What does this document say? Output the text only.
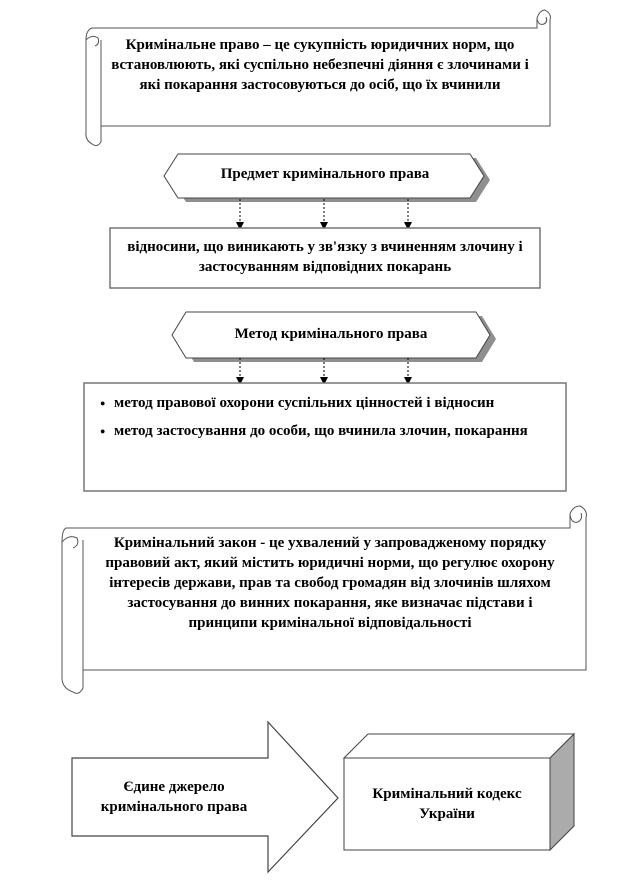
Кримінальне право – це сукупність юридичних норм, що встановлюють, які суспільно небезпечні діяння є злочинами і які покарання застосовуються до осіб, що їх вчинили
Предмет кримінального права
відносини, що виникають у зв'язку з вчиненням злочину і застосуванням відповідних покарань
Метод кримінального права
● метод правової охорони суспільних цінностей і відносин
● метод застосування до особи, що вчинила злочин, покарання
Кримінальний закон - це ухвалений у запровадженому порядку правовий акт, який містить юридичні норми, що регулює охорону інтересів держави, прав та свобод громадян від злочинів шляхом застосування до винних покарання, яке визначає підстави і принципи кримінальної відповідальності
Єдине джерело кримінального права
Кримінальний кодекс України
